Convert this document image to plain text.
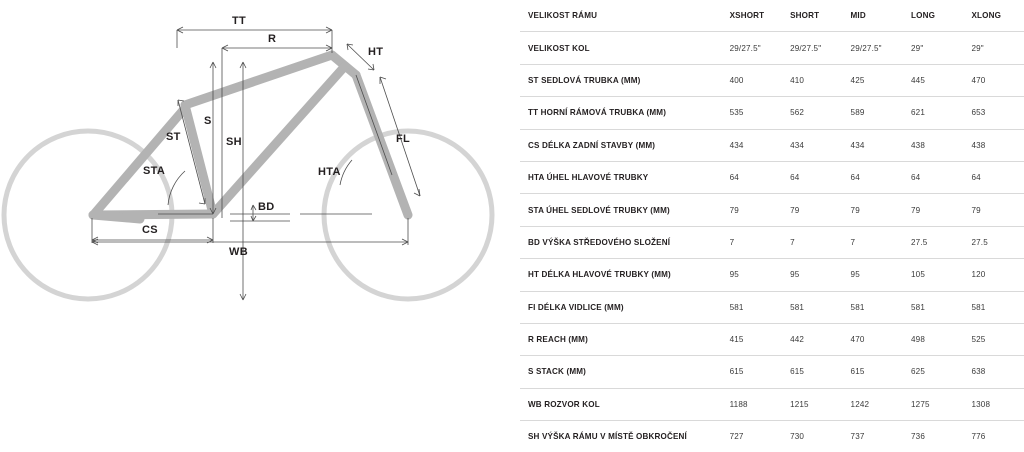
TT
R
HT
ST
S
SH	FL
STA	HTA
BD
CS
WB
VELIKOST RÁMU	XSHORT	SHORT	MID	LONG	XLONG
VELIKOST KOL	29/27.5"	29/27.5"	29/27.5"	29"	29"
ST SEDLOVÁ TRUBKA (MM)	400	410	425	445	470
TT HORNÍ RÁMOVÁ TRUBKA (MM)	535	562	589	621	653
CS DÉLKA ZADNÍ STAVBY (MM)	434	434	434	438	438
HTA ÚHEL HLAVOVÉ TRUBKY	64	64	64	64	64
STA ÚHEL SEDLOVÉ TRUBKY (MM)	79	79	79	79	79
BD VÝŠKA STŘEDOVÉHO SLOŽENÍ	7	7	7	27.5	27.5
HT DÉLKA HLAVOVÉ TRUBKY (MM)	95	95	95	105	120
FI DÉLKA VIDLICE (MM)	581	581	581	581	581
R REACH (MM)	415	442	470	498	525
S STACK (MM)	615	615	615	625	638
WB ROZVOR KOL	1188	1215	1242	1275	1308
SH VÝŠKA RÁMU V MÍSTĚ OBKROČENÍ	727	730	737	736	776
